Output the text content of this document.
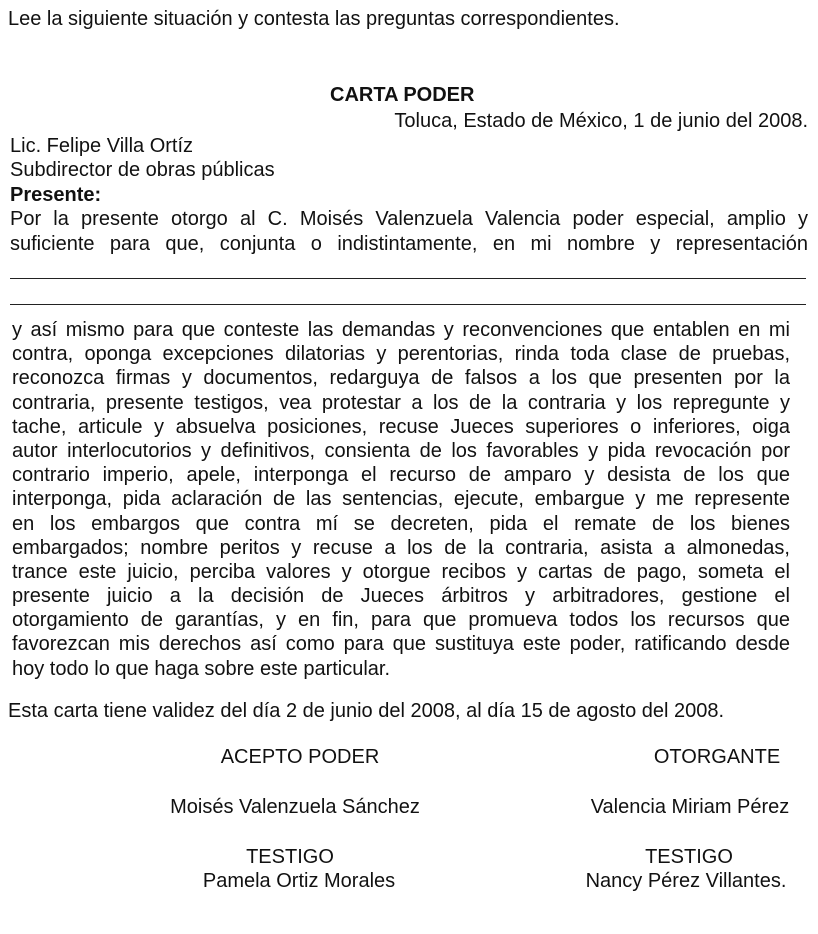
Lee la siguiente situación y contesta las preguntas correspondientes.
CARTA PODER
Toluca, Estado de México, 1 de junio del 2008.
Lic. Felipe Villa Ortíz
Subdirector de obras públicas
Presente:
Por la presente otorgo al C. Moisés Valenzuela Valencia poder especial, amplio y
suficiente para que, conjunta o indistintamente, en mi nombre y representación
y así mismo para que conteste las demandas y reconvenciones que entablen en mi
contra, oponga excepciones dilatorias y perentorias, rinda toda clase de pruebas,
reconozca firmas y documentos, redarguya de falsos a los que presenten por la
contraria, presente testigos, vea protestar a los de la contraria y los repregunte y
tache, articule y absuelva posiciones, recuse Jueces superiores o inferiores, oiga
autor interlocutorios y definitivos, consienta de los favorables y pida revocación por
contrario imperio, apele, interponga el recurso de amparo y desista de los que
interponga, pida aclaración de las sentencias, ejecute, embargue y me represente
en los embargos que contra mí se decreten, pida el remate de los bienes
embargados; nombre peritos y recuse a los de la contraria, asista a almonedas,
trance este juicio, perciba valores y otorgue recibos y cartas de pago, someta el
presente juicio a la decisión de Jueces árbitros y arbitradores, gestione el
otorgamiento de garantías, y en fin, para que promueva todos los recursos que
favorezcan mis derechos así como para que sustituya este poder, ratificando desde
hoy todo lo que haga sobre este particular.
Esta carta tiene validez del día 2 de junio del 2008, al día 15 de agosto del 2008.
ACEPTO PODER	OTORGANTE
Moisés Valenzuela Sánchez	Valencia Miriam Pérez
TESTIGO
Pamela Ortiz Morales
TESTIGO
Nancy Pérez Villantes.
